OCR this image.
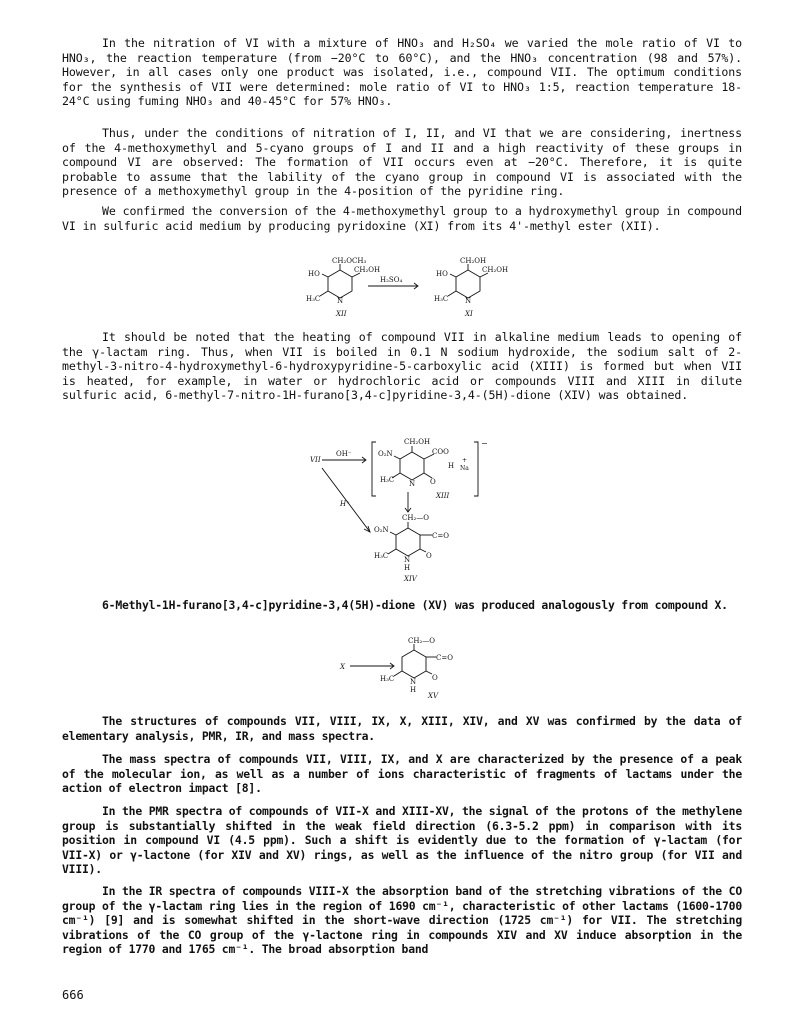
In the nitration of VI with a mixture of HNO₃ and H₂SO₄ we varied the mole ratio of VI to HNO₃, the reaction temperature (from −20°C to 60°C), and the HNO₃ concentration (98 and 57%). However, in all cases only one product was isolated, i.e., compound VII. The optimum conditions for the synthesis of VII were determined: mole ratio of VI to HNO₃ 1:5, reaction temperature 18-24°C using fuming NHO₃ and 40-45°C for 57% HNO₃.

Thus, under the conditions of nitration of I, II, and VI that we are considering, inertness of the 4-methoxymethyl and 5-cyano groups of I and II and a high reactivity of these groups in compound VI are observed: The formation of VII occurs even at −20°C. Therefore, it is quite probable to assume that the lability of the cyano group in compound VI is associated with the presence of a methoxymethyl group in the 4-position of the pyridine ring.

We confirmed the conversion of the 4-methoxymethyl group to a hydroxymethyl group in compound VI in sulfuric acid medium by producing pyridoxine (XI) from its 4'-methyl ester (XII).

CH₂OCH₃
CH₂OH
HO
H₃C N
H₂SO₄
CH₂OH
CH₂OH
HO
H₃C N
XII	XI

It should be noted that the heating of compound VII in alkaline medium leads to opening of the γ-lactam ring. Thus, when VII is boiled in 0.1 N sodium hydroxide, the sodium salt of 2-methyl-3-nitro-4-hydroxymethyl-6-hydroxypyridine-5-carboxylic acid (XIII) is formed but when VII is heated, for example, in water or hydrochloric acid or compounds VIII and XIII in dilute sulfuric acid, 6-methyl-7-nitro-1H-furano[3,4-c]pyridine-3,4-(5H)-dione (XIV) was obtained.

VII
OH⁻
H⁺
CH₂OH
O₂N	COO
H Na
+
−
H₃C N O
XIII
CH₂—O
O₂N
C=O
H₃C N O
H
XIV

6-Methyl-1H-furano[3,4-c]pyridine-3,4(5H)-dione (XV) was produced analogously from compound X.

X
CH₂—O
C=O
H₃C N O
H
XV

The structures of compounds VII, VIII, IX, X, XIII, XIV, and XV was confirmed by the data of elementary analysis, PMR, IR, and mass spectra.

The mass spectra of compounds VII, VIII, IX, and X are characterized by the presence of a peak of the molecular ion, as well as a number of ions characteristic of fragments of lactams under the action of electron impact [8].

In the PMR spectra of compounds of VII-X and XIII-XV, the signal of the protons of the methylene group is substantially shifted in the weak field direction (6.3-5.2 ppm) in comparison with its position in compound VI (4.5 ppm). Such a shift is evidently due to the formation of γ-lactam (for VII-X) or γ-lactone (for XIV and XV) rings, as well as the influence of the nitro group (for VII and VIII).

In the IR spectra of compounds VIII-X the absorption band of the stretching vibrations of the CO group of the γ-lactam ring lies in the region of 1690 cm⁻¹, characteristic of other lactams (1600-1700 cm⁻¹) [9] and is somewhat shifted in the short-wave direction (1725 cm⁻¹) for VII. The stretching vibrations of the CO group of the γ-lactone ring in compounds XIV and XV induce absorption in the region of 1770 and 1765 cm⁻¹. The broad absorption band

666
